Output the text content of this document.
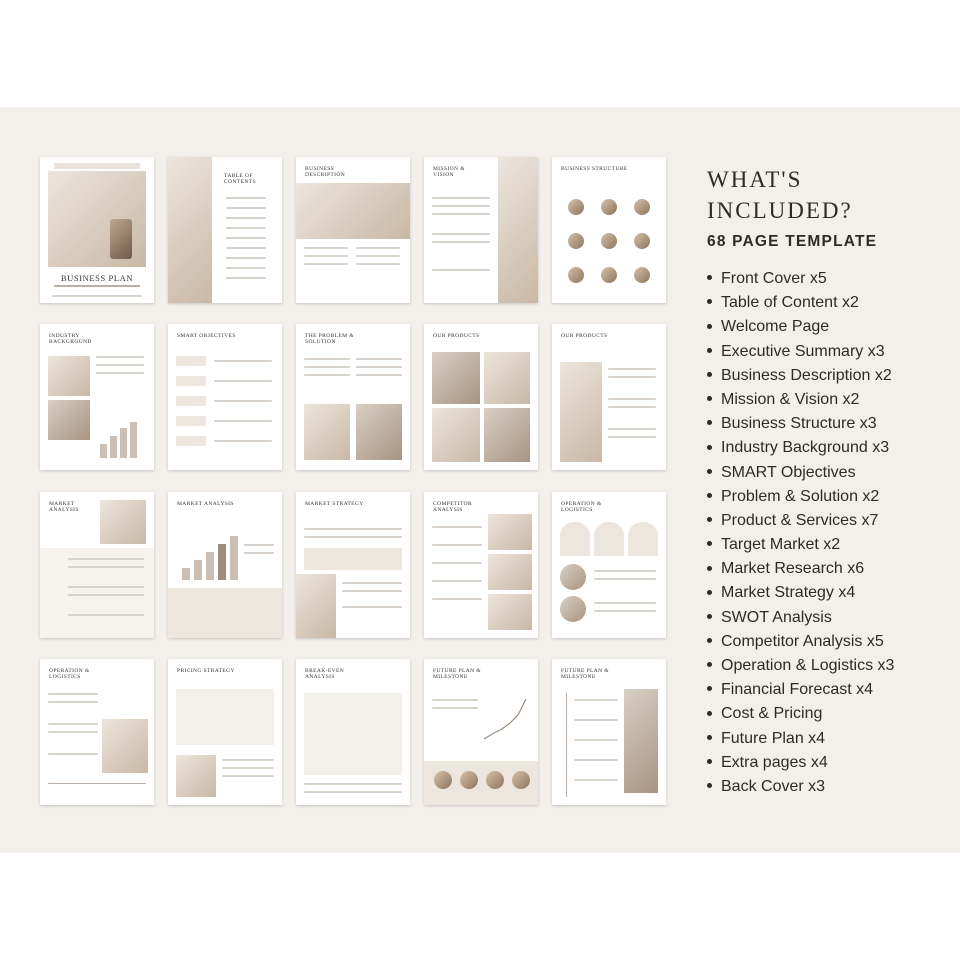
BUSINESS PLAN
TABLE OF CONTENTS
BUSINESS DESCRIPTION
MISSION & VISION
BUSINESS STRUCTURE
INDUSTRY BACKGROUND
SMART OBJECTIVES	THE PROBLEM & SOLUTION
OUR PRODUCTS	OUR PRODUCTS
MARKET ANALYSIS
MARKET ANALYSIS	MARKET STRATEGY	COMPETITOR ANALYSIS
OPERATION & LOGISTICS
OPERATION & LOGISTICS
PRICING STRATEGY	BREAK-EVEN ANALYSIS
FUTURE PLAN & MILESTONE
FUTURE PLAN & MILESTONE
WHAT'S
INCLUDED?
68 PAGE TEMPLATE
Front Cover x5
Table of Content x2
Welcome Page
Executive Summary x3
Business Description x2
Mission & Vision x2
Business Structure x3
Industry Background x3
SMART Objectives
Problem & Solution x2
Product & Services x7
Target Market x2
Market Research x6
Market Strategy x4
SWOT Analysis
Competitor Analysis x5
Operation & Logistics x3
Financial Forecast x4
Cost & Pricing
Future Plan x4
Extra pages x4
Back Cover x3
